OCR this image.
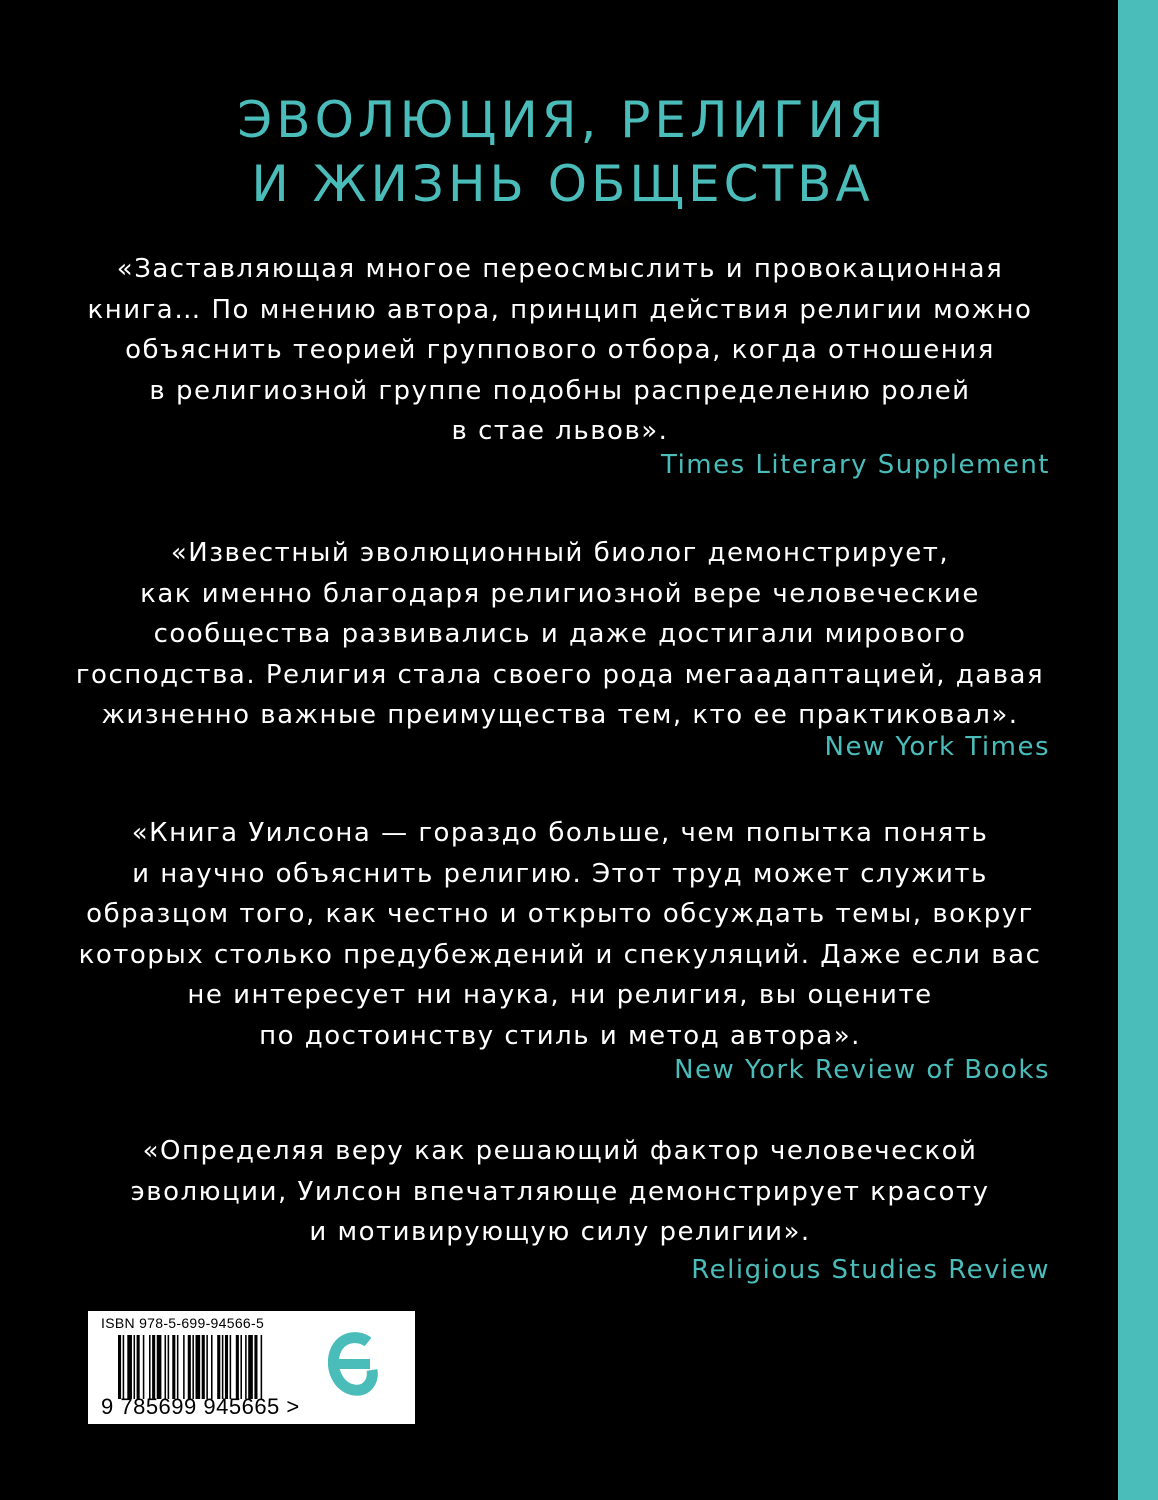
ЭВОЛЮЦИЯ, РЕЛИГИЯ
И ЖИЗНЬ ОБЩЕСТВА
«Заставляющая многое переосмыслить и провокационная
книга… По мнению автора, принцип действия религии можно
объяснить теорией группового отбора, когда отношения
в религиозной группе подобны распределению ролей
в стае львов».
Times Literary Supplement
«Известный эволюционный биолог демонстрирует,
как именно благодаря религиозной вере человеческие
сообщества развивались и даже достигали мирового
господства. Религия стала своего рода мегаадаптацией, давая
жизненно важные преимущества тем, кто ее практиковал».
New York Times
«Книга Уилсона — гораздо больше, чем попытка понять
и научно объяснить религию. Этот труд может служить
образцом того, как честно и открыто обсуждать темы, вокруг
которых столько предубеждений и спекуляций. Даже если вас
не интересует ни наука, ни религия, вы оцените
по достоинству стиль и метод автора».
New York Review of Books
«Определяя веру как решающий фактор человеческой
эволюции, Уилсон впечатляюще демонстрирует красоту
и мотивирующую силу религии».
Religious Studies Review
ISBN 978-5-699-94566-5
9 785699 945665 >
